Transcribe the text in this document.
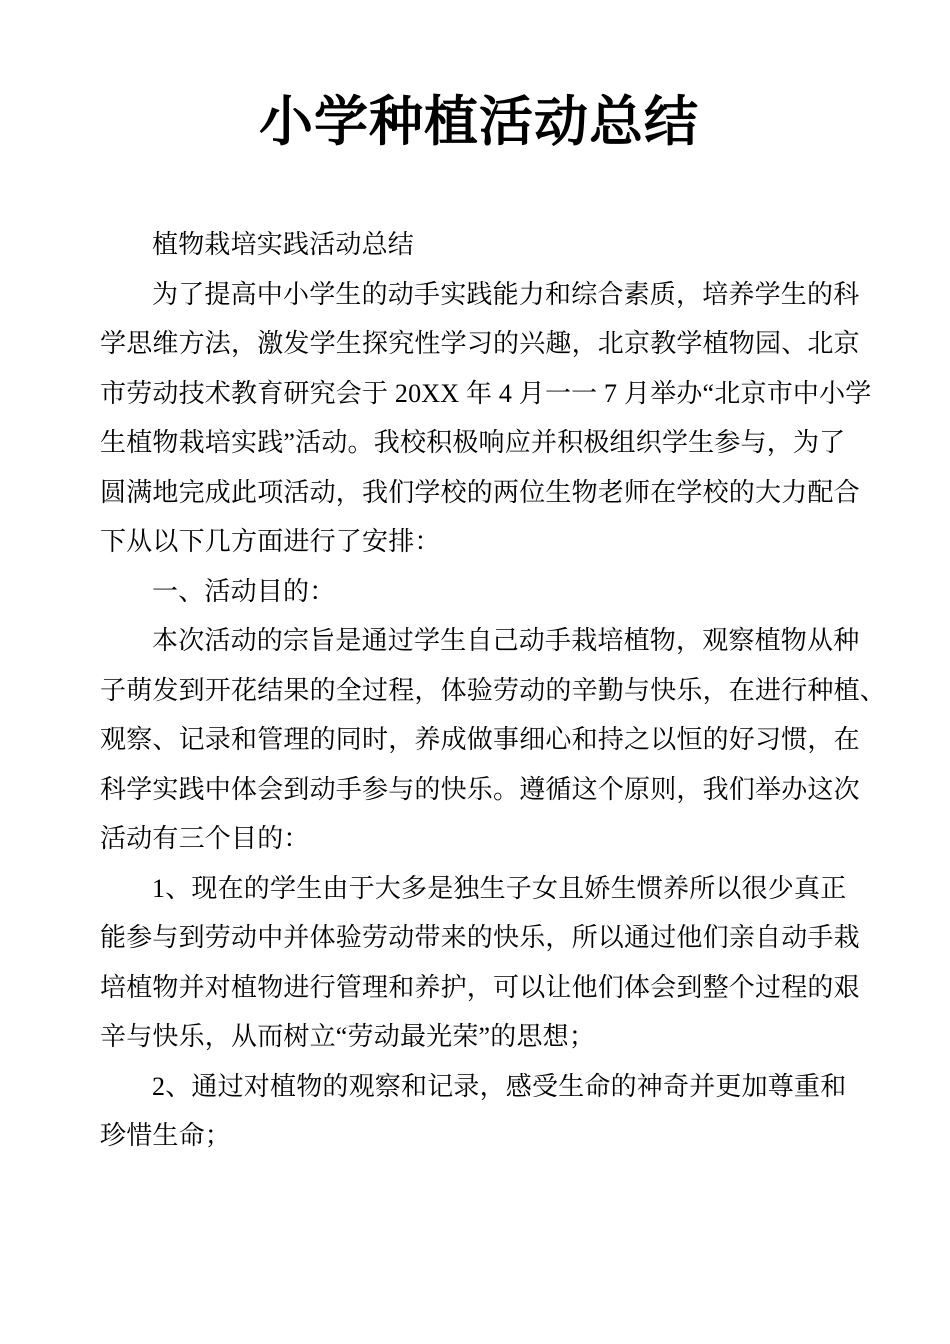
小学种植活动总结
植物栽培实践活动总结
为了提高中小学生的动手实践能力和综合素质，培养学生的科
学思维方法，激发学生探究性学习的兴趣，北京教学植物园、北京
市劳动技术教育研究会于 20XX 年 4 月一一 7 月举办“北京市中小学
生植物栽培实践”活动。我校积极响应并积极组织学生参与，为了
圆满地完成此项活动，我们学校的两位生物老师在学校的大力配合
下从以下几方面进行了安排：
一、活动目的：
本次活动的宗旨是通过学生自己动手栽培植物，观察植物从种
子萌发到开花结果的全过程，体验劳动的辛勤与快乐，在进行种植、
观察、记录和管理的同时，养成做事细心和持之以恒的好习惯，在
科学实践中体会到动手参与的快乐。遵循这个原则，我们举办这次
活动有三个目的：
1、现在的学生由于大多是独生子女且娇生惯养所以很少真正
能参与到劳动中并体验劳动带来的快乐，所以通过他们亲自动手栽
培植物并对植物进行管理和养护，可以让他们体会到整个过程的艰
辛与快乐，从而树立“劳动最光荣”的思想；
2、通过对植物的观察和记录，感受生命的神奇并更加尊重和
珍惜生命；
